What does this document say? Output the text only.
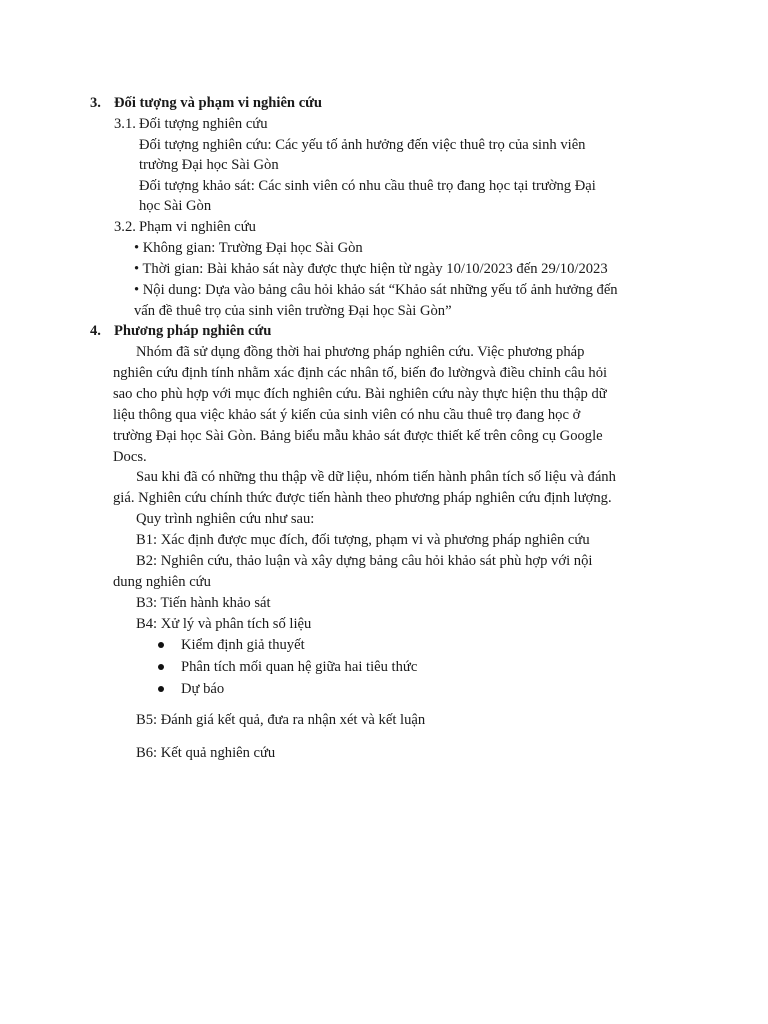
3. Đối tượng và phạm vi nghiên cứu
3.1. Đối tượng nghiên cứu
Đối tượng nghiên cứu: Các yếu tố ảnh hưởng đến việc thuê trọ của sinh viên
trường Đại học Sài Gòn
Đối tượng khảo sát: Các sinh viên có nhu cầu thuê trọ đang học tại trường Đại
học Sài Gòn
3.2. Phạm vi nghiên cứu
• Không gian: Trường Đại học Sài Gòn
• Thời gian: Bài khảo sát này được thực hiện từ ngày 10/10/2023 đến 29/10/2023
• Nội dung: Dựa vào bảng câu hỏi khảo sát “Khảo sát những yếu tố ảnh hưởng đến
vấn đề thuê trọ của sinh viên trường Đại học Sài Gòn”
4. Phương pháp nghiên cứu
Nhóm đã sử dụng đồng thời hai phương pháp nghiên cứu. Việc phương pháp
nghiên cứu định tính nhằm xác định các nhân tố, biến đo lườngvà điều chỉnh câu hỏi
sao cho phù hợp với mục đích nghiên cứu. Bài nghiên cứu này thực hiện thu thập dữ
liệu thông qua việc khảo sát ý kiến của sinh viên có nhu cầu thuê trọ đang học ở
trường Đại học Sài Gòn. Bảng biểu mẫu khảo sát được thiết kế trên công cụ Google
Docs.
Sau khi đã có những thu thập về dữ liệu, nhóm tiến hành phân tích số liệu và đánh
giá. Nghiên cứu chính thức được tiến hành theo phương pháp nghiên cứu định lượng.
Quy trình nghiên cứu như sau:
B1: Xác định được mục đích, đối tượng, phạm vi và phương pháp nghiên cứu
B2: Nghiên cứu, thảo luận và xây dựng bảng câu hỏi khảo sát phù hợp với nội
dung nghiên cứu
B3: Tiến hành khảo sát
B4: Xử lý và phân tích số liệu
Kiểm định giả thuyết
Phân tích mối quan hệ giữa hai tiêu thức
Dự báo
B5: Đánh giá kết quả, đưa ra nhận xét và kết luận
B6: Kết quả nghiên cứu
